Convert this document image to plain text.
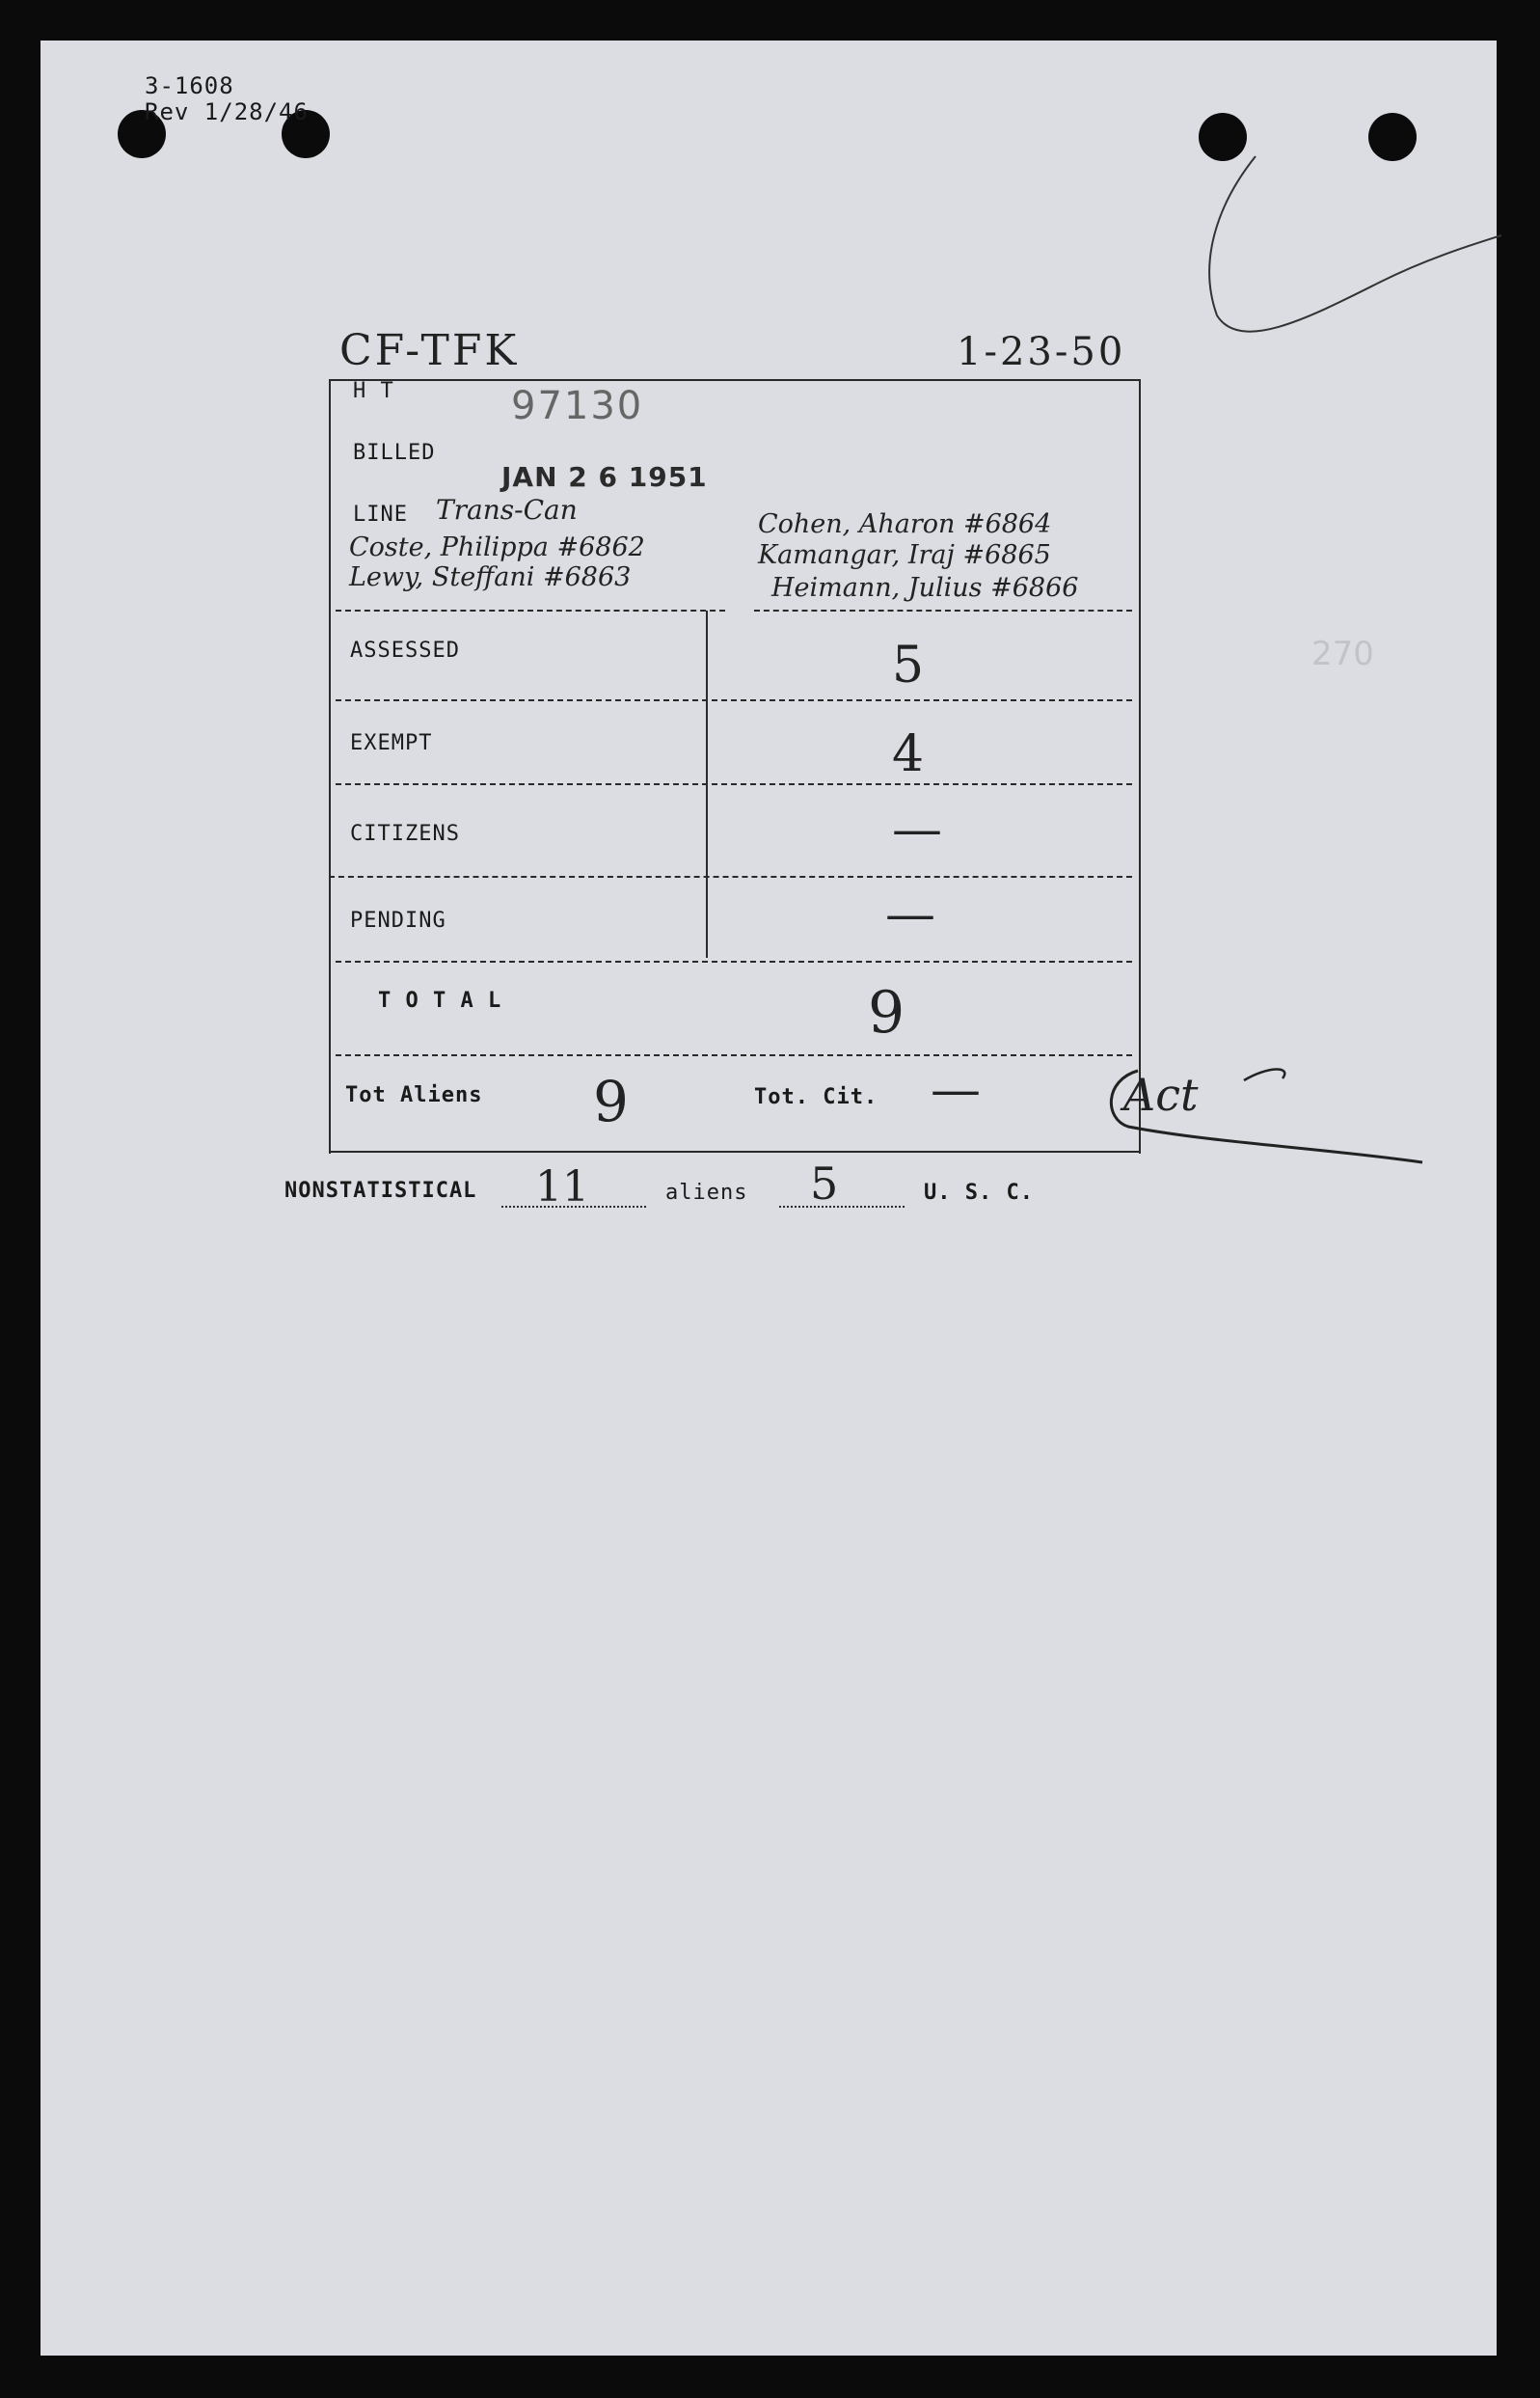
3-1608
Rev 1/28/46
CF-TFK	1-23-50
270
H T	97130
BILLED
JAN 2 6 1951
LINE Trans-Can
Coste, Philippa #6862
Lewy, Steffani #6863
Cohen, Aharon #6864
Kamangar, Iraj #6865
Heimann, Julius #6866
ASSESSED	5
EXEMPT	4
CITIZENS	—
PENDING	—
T O T A L	9
Tot Aliens 9	Tot. Cit. —	Act
NONSTATISTICAL 11	aliens 5	U. S. C.
